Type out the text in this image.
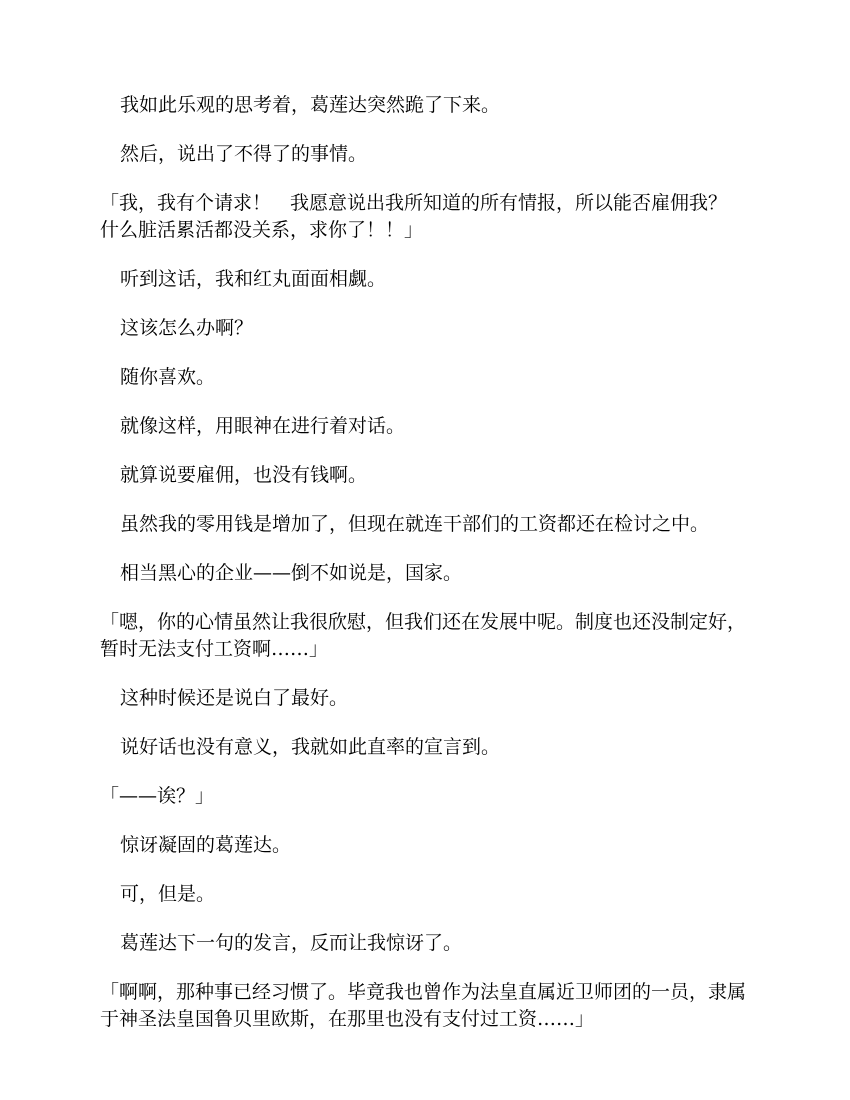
我如此乐观的思考着，葛莲达突然跪了下来。

然后，说出了不得了的事情。

「我，我有个请求！　我愿意说出我所知道的所有情报，所以能否雇佣我？ 什么脏活累活都没关系，求你了！！」

听到这话，我和红丸面面相觑。

这该怎么办啊？

随你喜欢。

就像这样，用眼神在进行着对话。

就算说要雇佣，也没有钱啊。

虽然我的零用钱是增加了，但现在就连干部们的工资都还在检讨之中。

相当黑心的企业——倒不如说是，国家。

「嗯，你的心情虽然让我很欣慰，但我们还在发展中呢。制度也还没制定好，暂时无法支付工资啊……」

这种时候还是说白了最好。

说好话也没有意义，我就如此直率的宣言到。

「——诶？」

惊讶凝固的葛莲达。

可，但是。

葛莲达下一句的发言，反而让我惊讶了。

「啊啊，那种事已经习惯了。毕竟我也曾作为法皇直属近卫师团的一员，隶属于神圣法皇国鲁贝里欧斯，在那里也没有支付过工资……」
